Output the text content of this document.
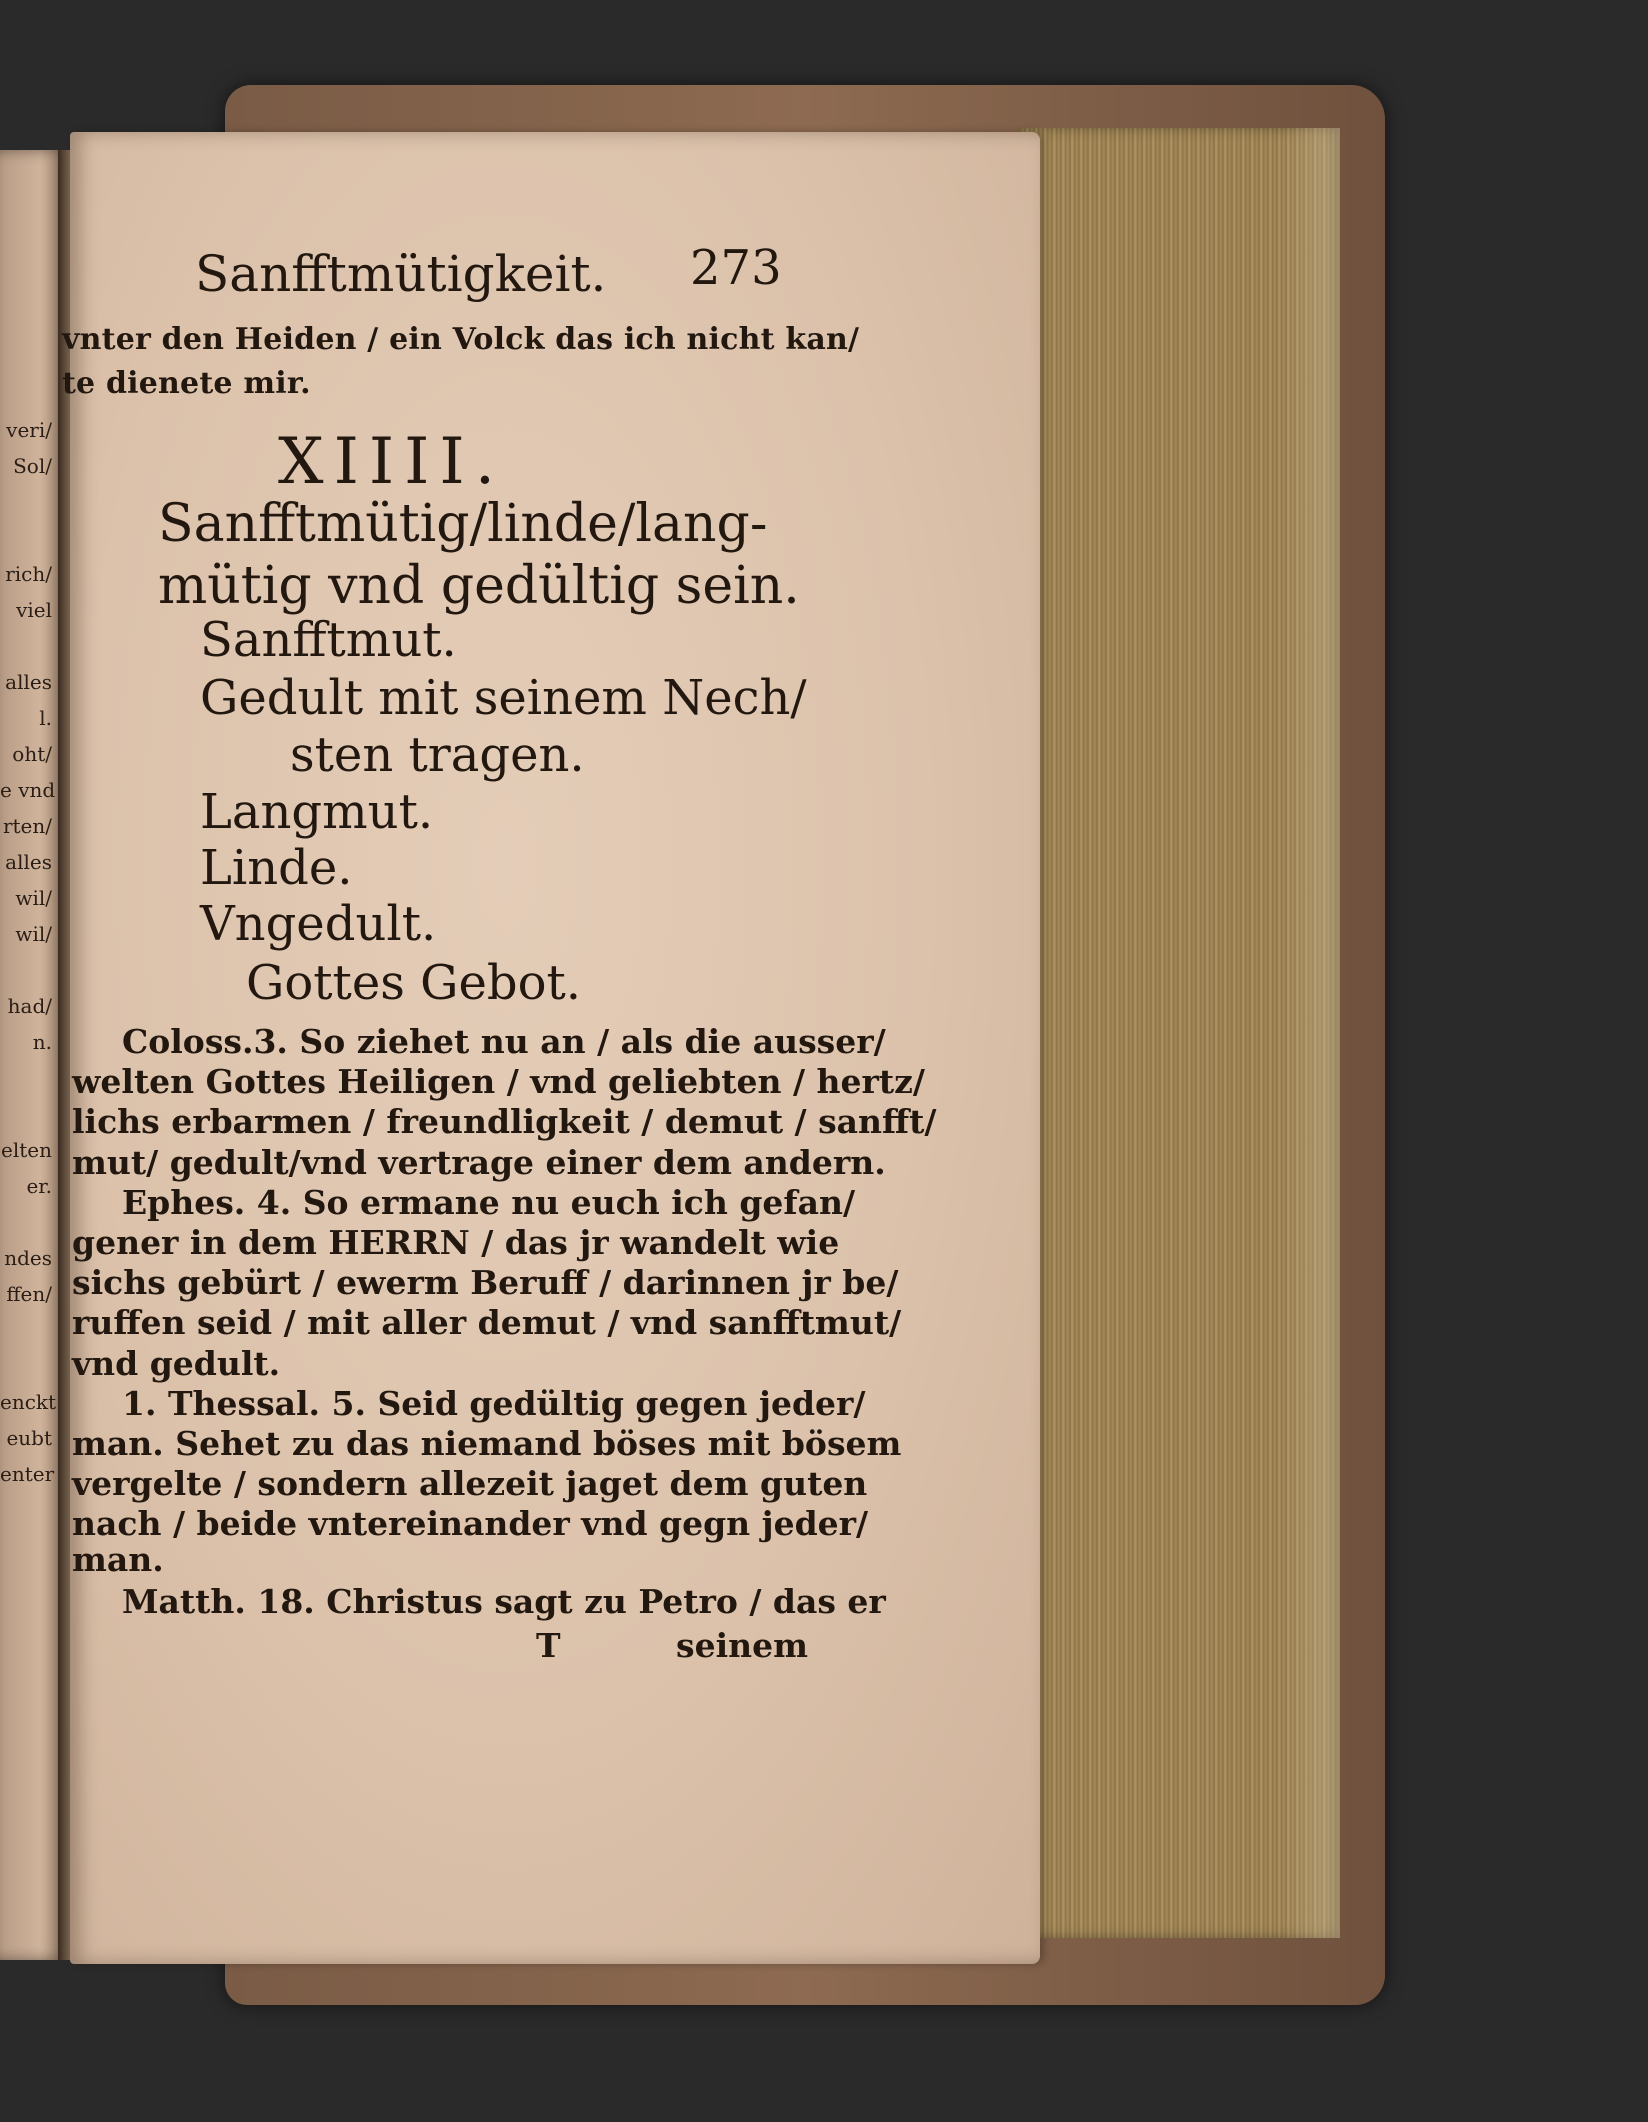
veri/
Sol/
rich/
viel
alles
l.
oht/
e vnd
rten/
alles
wil/
wil/
had/
n.
elten
er.
ndes
ffen/
enckt
eubt
enter
Sanfftmütigkeit. 273
vnter den Heiden / ein Volck das ich nicht kan/
te dienete mir.
XIIII.
Sanfftmütig/linde/lang-
mütig vnd gedültig sein.
Sanfftmut.
Gedult mit seinem Nech/
sten tragen.
Langmut.
Linde.
Vngedult.
Gottes Gebot.
Coloss.3. So ziehet nu an / als die ausser/
welten Gottes Heiligen / vnd geliebten / hertz/
lichs erbarmen / freundligkeit / demut / sanfft/
mut/ gedult/vnd vertrage einer dem andern.
Ephes. 4. So ermane nu euch ich gefan/
gener in dem HERRN / das jr wandelt wie
sichs gebürt / ewerm Beruff / darinnen jr be/
ruffen seid / mit aller demut / vnd sanfftmut/
vnd gedult.
1. Thessal. 5. Seid gedültig gegen jeder/
man. Sehet zu das niemand böses mit bösem
vergelte / sondern allezeit jaget dem guten
nach / beide vntereinander vnd gegn jeder/
man.
Matth. 18. Christus sagt zu Petro / das er
T	seinem
